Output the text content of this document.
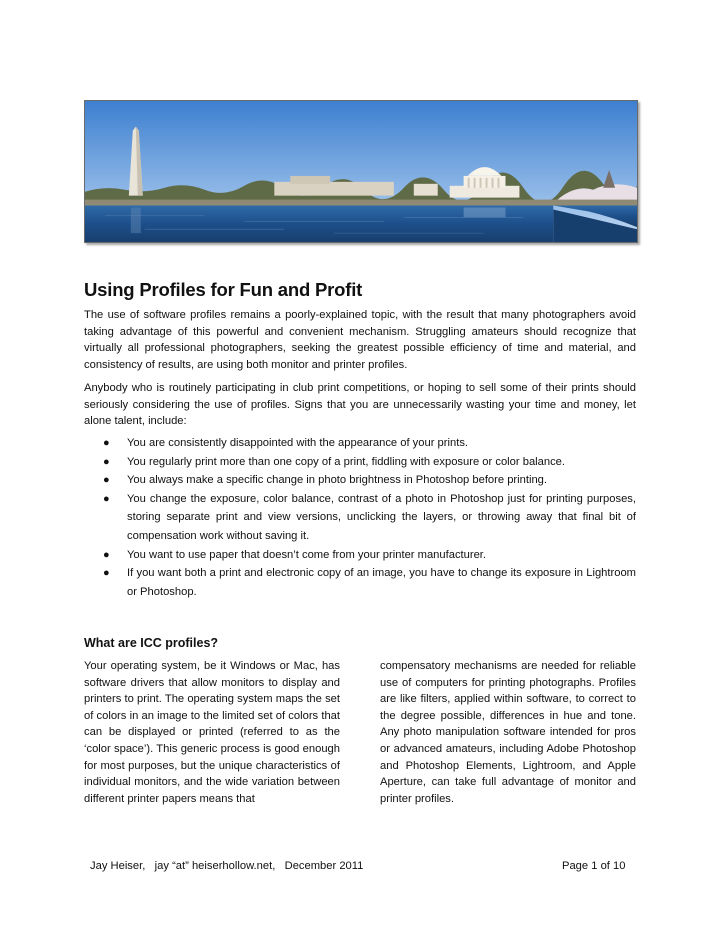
Using Profiles for Fun and Profit

The use of software profiles remains a poorly-explained topic, with the result that many photographers avoid taking advantage of this powerful and convenient mechanism. Struggling amateurs should recognize that virtually all professional photographers, seeking the greatest possible efficiency of time and material, and consistency of results, are using both monitor and printer profiles.

Anybody who is routinely participating in club print competitions, or hoping to sell some of their prints should seriously considering the use of profiles. Signs that you are unnecessarily wasting your time and money, let alone talent, include:

● You are consistently disappointed with the appearance of your prints.
● You regularly print more than one copy of a print, fiddling with exposure or color balance.
● You always make a specific change in photo brightness in Photoshop before printing.
● You change the exposure, color balance, contrast of a photo in Photoshop just for printing purposes, storing separate print and view versions, unclicking the layers, or throwing away that final bit of compensation work without saving it.
● You want to use paper that doesn’t come from your printer manufacturer.
● If you want both a print and electronic copy of an image, you have to change its exposure in Lightroom or Photoshop.
What are ICC profiles?

Your operating system, be it Windows or Mac, has software drivers that allow monitors to display and printers to print. The operating system maps the set of colors in an image to the limited set of colors that can be displayed or printed (referred to as the ‘color space’). This generic process is good enough for most purposes, but the unique characteristics of individual monitors, and the wide variation between different printer papers means that

compensatory mechanisms are needed for reliable use of computers for printing photographs. Profiles are like filters, applied within software, to correct to the degree possible, differences in hue and tone. Any photo manipulation software intended for pros or advanced amateurs, including Adobe Photoshop and Photoshop Elements, Lightroom, and Apple Aperture, can take full advantage of monitor and printer profiles.

Jay Heiser,   jay “at” heiserhollow.net,   December 2011	Page 1 of 10
